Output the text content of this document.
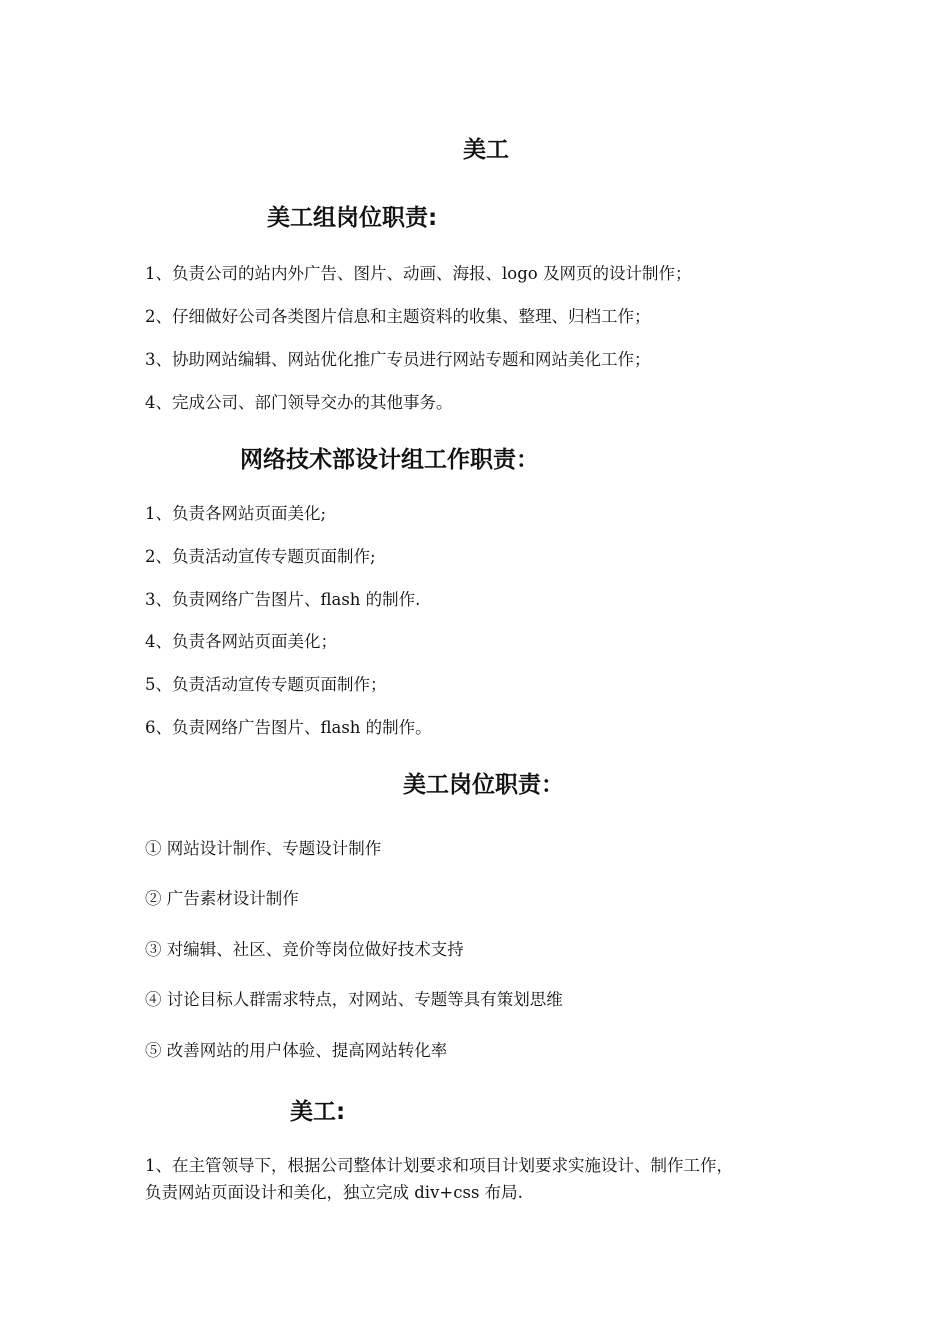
美工
美工组岗位职责:
1、负责公司的站内外广告、图片、动画、海报、logo 及网页的设计制作；
2、仔细做好公司各类图片信息和主题资料的收集、整理、归档工作；
3、协助网站编辑、网站优化推广专员进行网站专题和网站美化工作；
4、完成公司、部门领导交办的其他事务。
网络技术部设计组工作职责：
1、负责各网站页面美化;
2、负责活动宣传专题页面制作;
3、负责网络广告图片、flash 的制作.
4、负责各网站页面美化；
5、负责活动宣传专题页面制作；
6、负责网络广告图片、flash 的制作。
美工岗位职责：
① 网站设计制作、专题设计制作
② 广告素材设计制作
③ 对编辑、社区、竞价等岗位做好技术支持
④ 讨论目标人群需求特点，对网站、专题等具有策划思维
⑤ 改善网站的用户体验、提高网站转化率
美工:
1、在主管领导下，根据公司整体计划要求和项目计划要求实施设计、制作工作，
负责网站页面设计和美化，独立完成 div+css 布局.
